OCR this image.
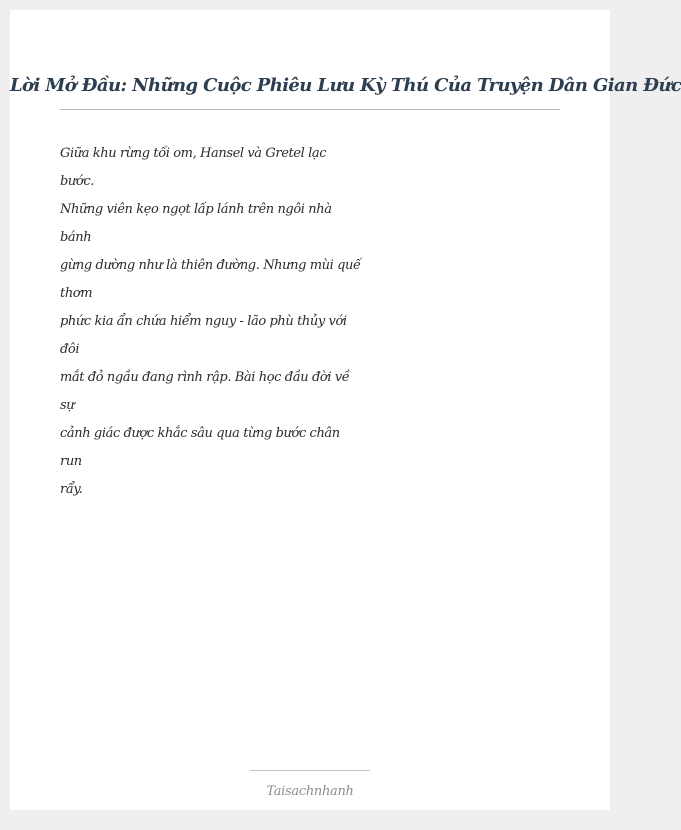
Lời Mở Đầu: Những Cuộc Phiêu Lưu Kỳ Thú Của Truyện Dân Gian Đức
Giữa khu rừng tối om, Hansel và Gretel lạc
bước.
Những viên kẹo ngọt lấp lánh trên ngôi nhà
bánh
gừng dường như là thiên đường. Nhưng mùi quế
thơm
phức kia ẩn chứa hiểm nguy - lão phù thủy với
đôi
mắt đỏ ngầu đang rình rập. Bài học đầu đời về
sự
cảnh giác được khắc sâu qua từng bước chân
run
rẩy.
Taisachnhanh
